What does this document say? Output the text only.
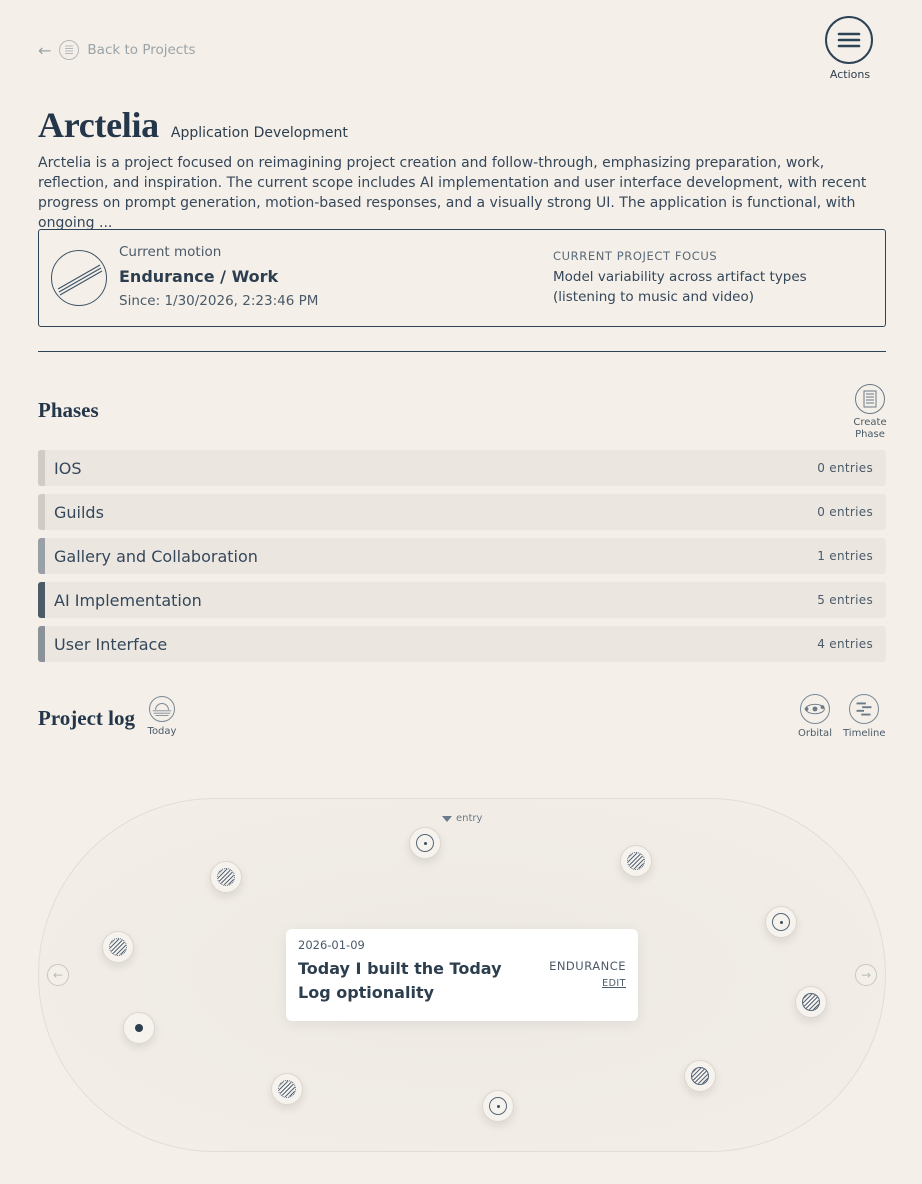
←	Back to Projects
Actions
Arctelia Application Development

Arctelia is a project focused on reimagining project creation and follow-through, emphasizing preparation, work, reflection, and inspiration. The current scope includes AI implementation and user interface development, with recent progress on prompt generation, motion-based responses, and a visually strong UI. The application is functional, with ongoing ...

Current motion
Endurance / Work
Since: 1/30/2026, 2:23:46 PM
CURRENT PROJECT FOCUS
Model variability across artifact types (listening to music and video)
Phases
Create Phase
IOS	0 entries
Guilds	0 entries
Gallery and Collaboration	1 entries
AI Implementation	5 entries
User Interface	4 entries
Project log
Today	Orbital	Timeline
entry
←	→
2026-01-09
Today I built the Today Log optionality
ENDURANCE
EDIT
